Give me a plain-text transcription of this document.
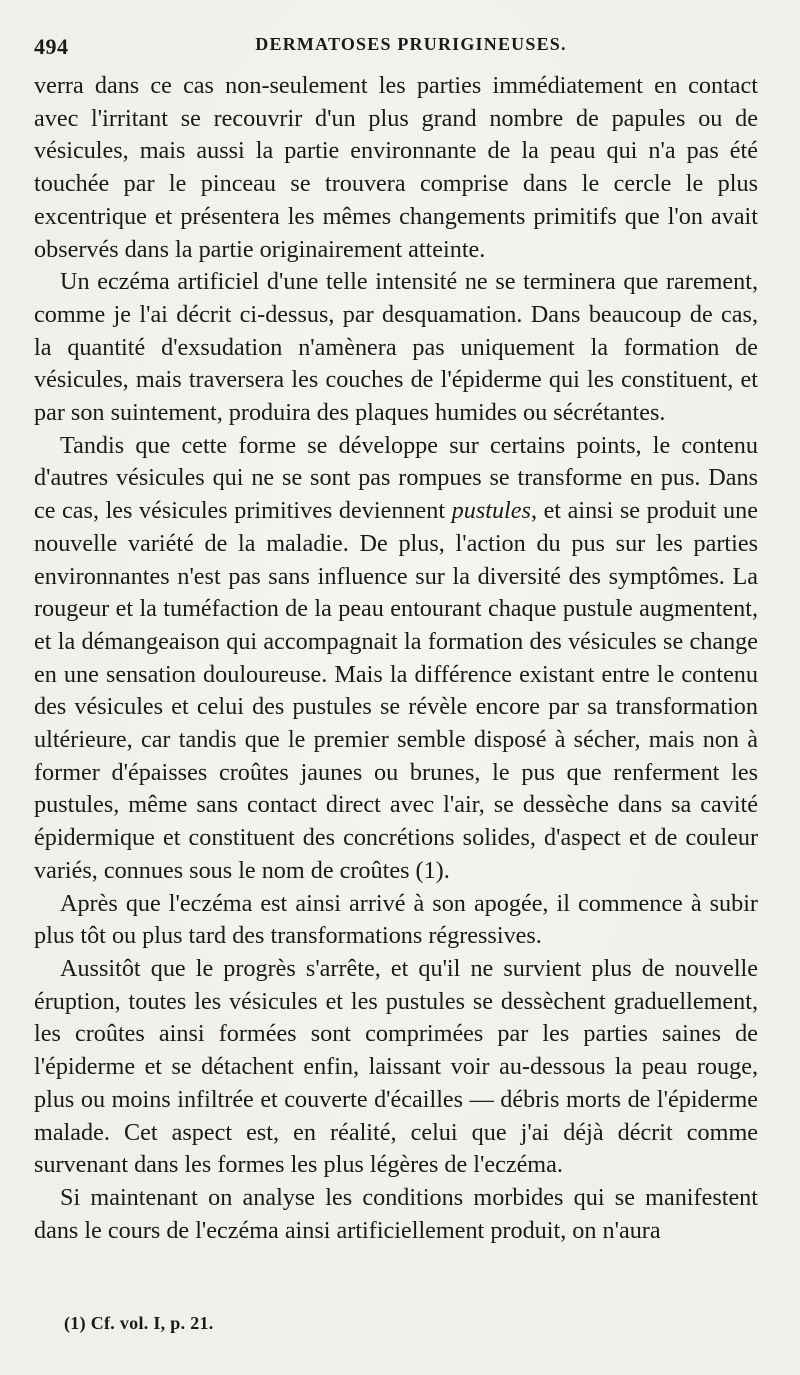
494	DERMATOSES PRURIGINEUSES.

verra dans ce cas non-seulement les parties immédiatement en contact avec l'irritant se recouvrir d'un plus grand nombre de papules ou de vésicules, mais aussi la partie environnante de la peau qui n'a pas été touchée par le pinceau se trouvera comprise dans le cercle le plus excentrique et présentera les mêmes changements primitifs que l'on avait observés dans la partie originairement atteinte.

Un eczéma artificiel d'une telle intensité ne se terminera que rarement, comme je l'ai décrit ci-dessus, par desquamation. Dans beaucoup de cas, la quantité d'exsudation n'amènera pas uniquement la formation de vésicules, mais traversera les couches de l'épiderme qui les constituent, et par son suintement, produira des plaques humides ou sécrétantes.

Tandis que cette forme se développe sur certains points, le contenu d'autres vésicules qui ne se sont pas rompues se transforme en pus. Dans ce cas, les vésicules primitives deviennent pustules, et ainsi se produit une nouvelle variété de la maladie. De plus, l'action du pus sur les parties environnantes n'est pas sans influence sur la diversité des symptômes. La rougeur et la tuméfaction de la peau entourant chaque pustule augmentent, et la démangeaison qui accompagnait la formation des vésicules se change en une sensation douloureuse. Mais la différence existant entre le contenu des vésicules et celui des pustules se révèle encore par sa transformation ultérieure, car tandis que le premier semble disposé à sécher, mais non à former d'épaisses croûtes jaunes ou brunes, le pus que renferment les pustules, même sans contact direct avec l'air, se dessèche dans sa cavité épidermique et constituent des concrétions solides, d'aspect et de couleur variés, connues sous le nom de croûtes (1).

Après que l'eczéma est ainsi arrivé à son apogée, il commence à subir plus tôt ou plus tard des transformations régressives.

Aussitôt que le progrès s'arrête, et qu'il ne survient plus de nouvelle éruption, toutes les vésicules et les pustules se dessèchent graduellement, les croûtes ainsi formées sont comprimées par les parties saines de l'épiderme et se détachent enfin, laissant voir au-dessous la peau rouge, plus ou moins infiltrée et couverte d'écailles — débris morts de l'épiderme malade. Cet aspect est, en réalité, celui que j'ai déjà décrit comme survenant dans les formes les plus légères de l'eczéma.

Si maintenant on analyse les conditions morbides qui se manifestent dans le cours de l'eczéma ainsi artificiellement produit, on n'aura

(1) Cf. vol. I, p. 21.
